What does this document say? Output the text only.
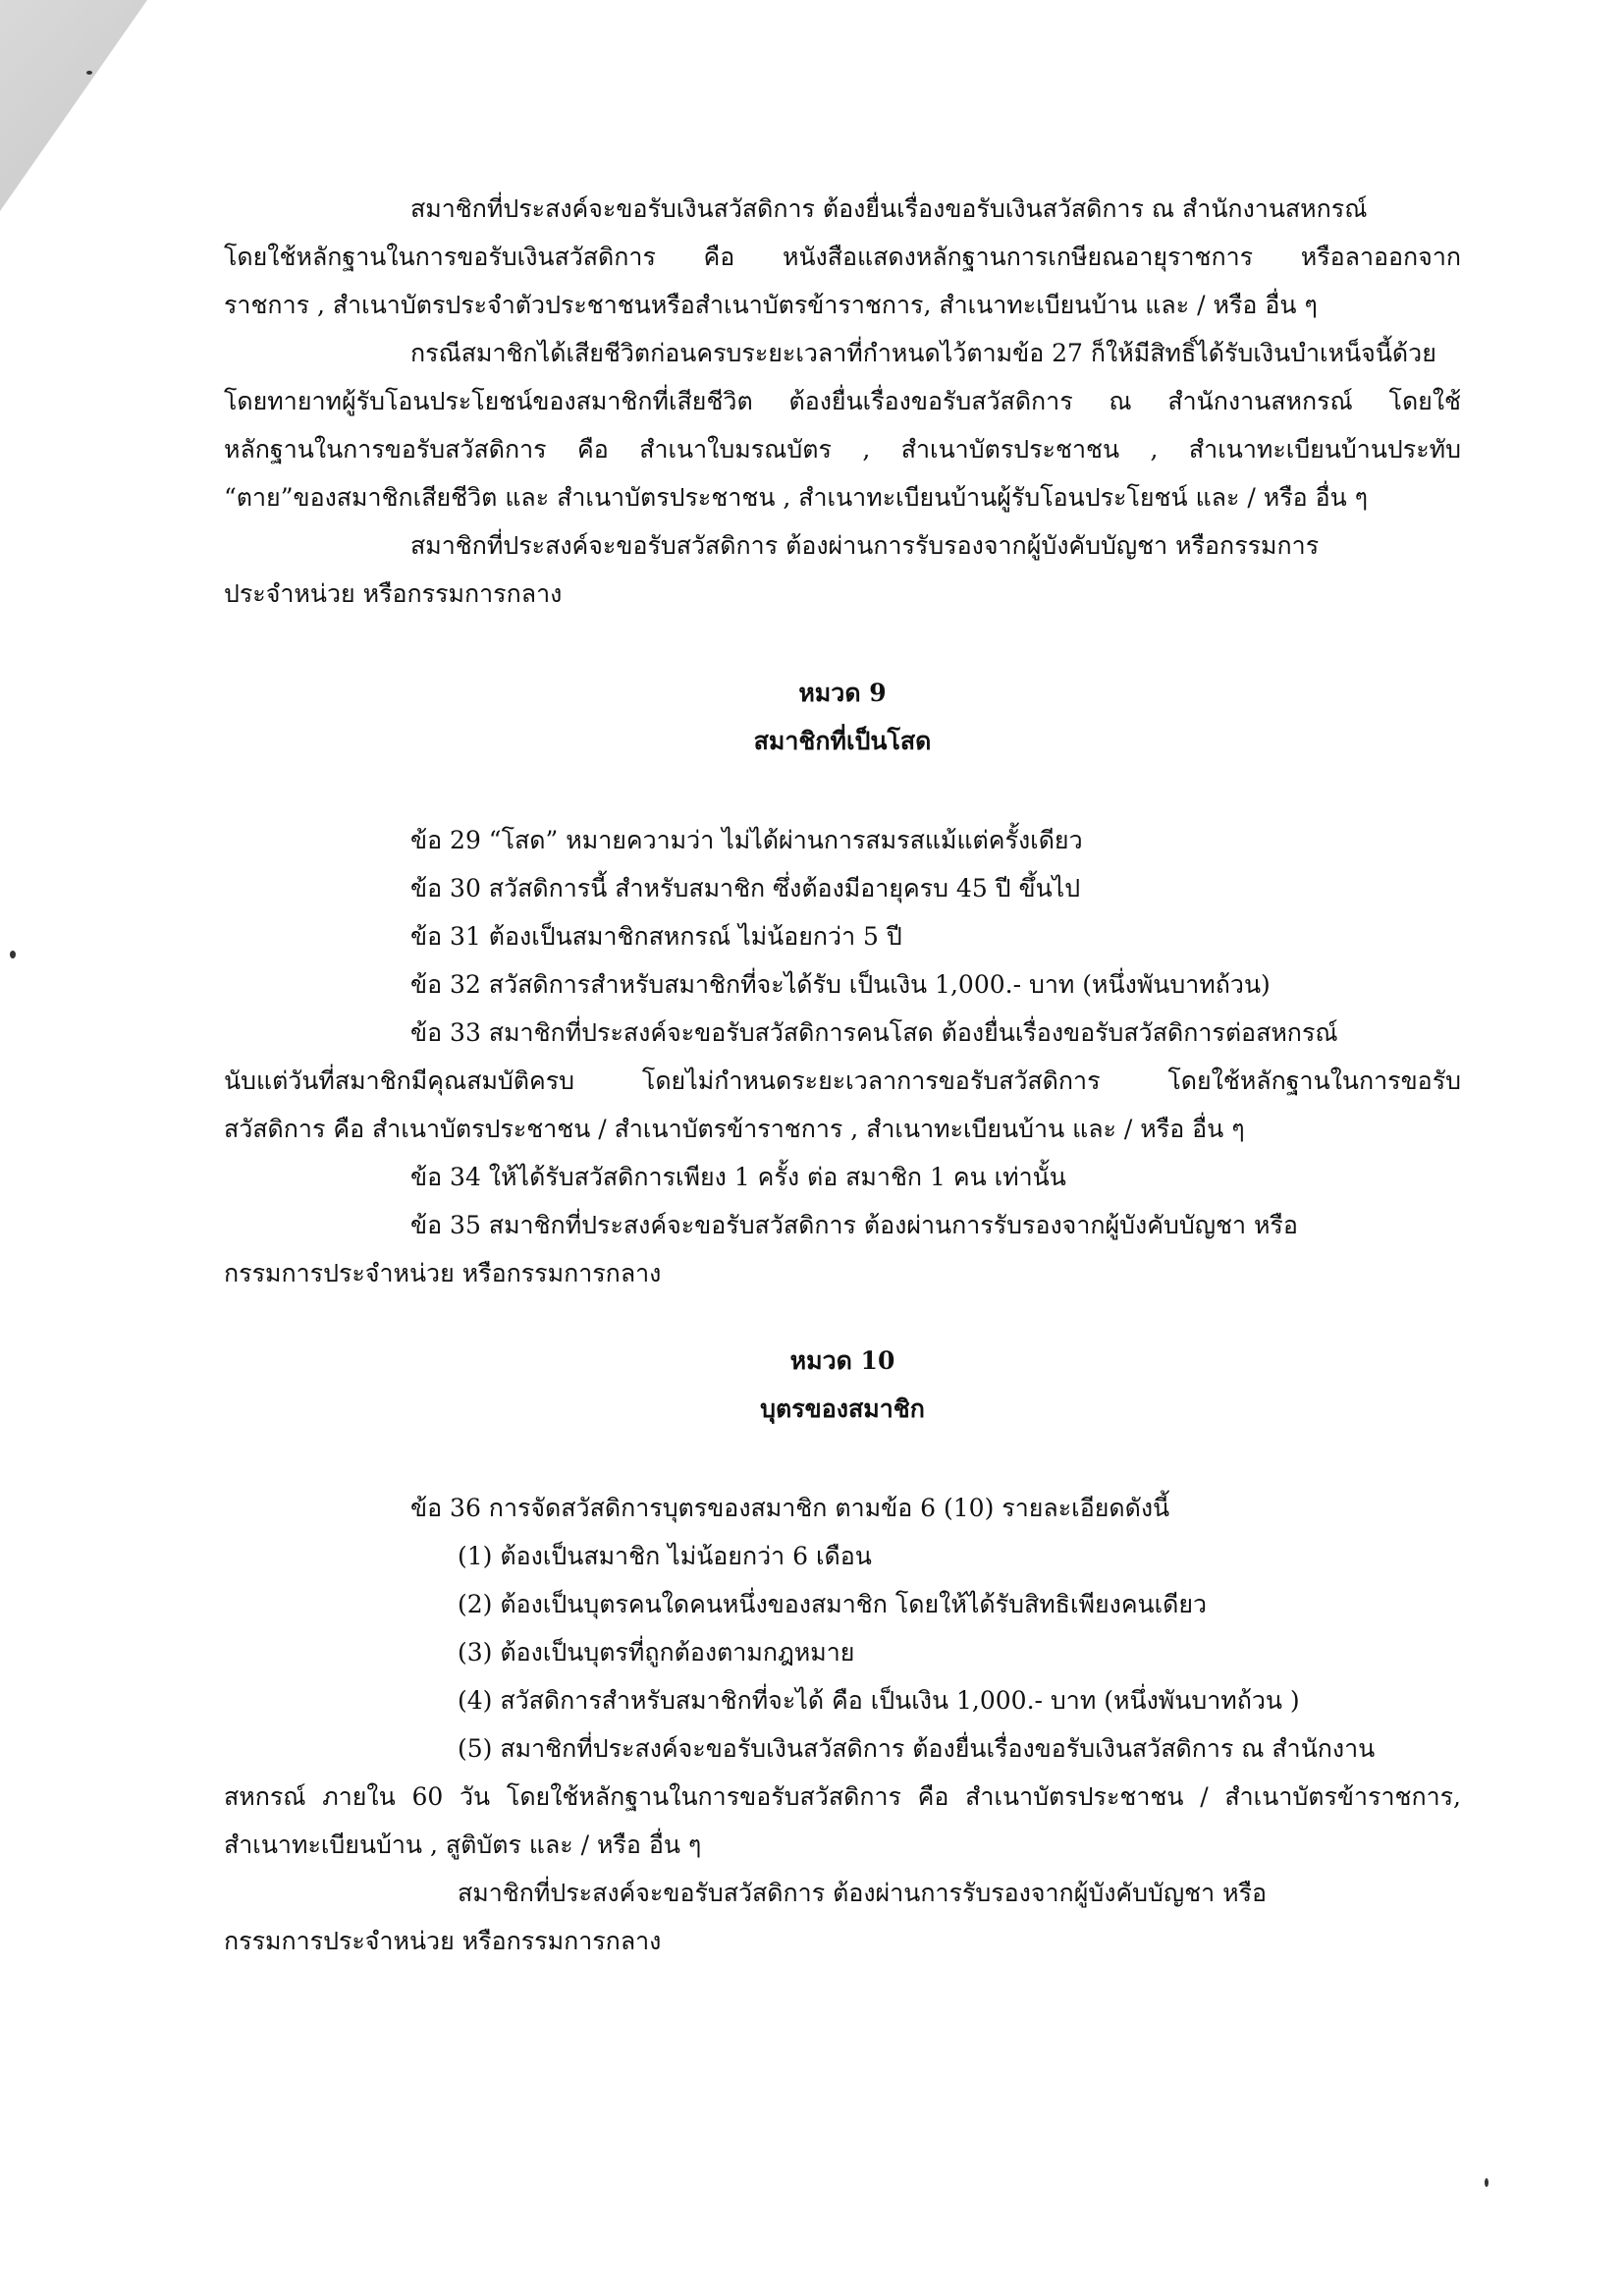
สมาชิกที่ประสงค์จะขอรับเงินสวัสดิการ ต้องยื่นเรื่องขอรับเงินสวัสดิการ ณ สำนักงานสหกรณ์

โดยใช้หลักฐานในการขอรับเงินสวัสดิการ คือ หนังสือแสดงหลักฐานการเกษียณอายุราชการ หรือลาออกจาก

ราชการ , สำเนาบัตรประจำตัวประชาชนหรือสำเนาบัตรข้าราชการ, สำเนาทะเบียนบ้าน และ / หรือ อื่น ๆ

กรณีสมาชิกได้เสียชีวิตก่อนครบระยะเวลาที่กำหนดไว้ตามข้อ 27 ก็ให้มีสิทธิ์ได้รับเงินบำเหน็จนี้ด้วย

โดยทายาทผู้รับโอนประโยชน์ของสมาชิกที่เสียชีวิต ต้องยื่นเรื่องขอรับสวัสดิการ ณ สำนักงานสหกรณ์ โดยใช้

หลักฐานในการขอรับสวัสดิการ คือ สำเนาใบมรณบัตร , สำเนาบัตรประชาชน , สำเนาทะเบียนบ้านประทับ

“ตาย”ของสมาชิกเสียชีวิต และ สำเนาบัตรประชาชน , สำเนาทะเบียนบ้านผู้รับโอนประโยชน์ และ / หรือ อื่น ๆ

สมาชิกที่ประสงค์จะขอรับสวัสดิการ ต้องผ่านการรับรองจากผู้บังคับบัญชา หรือกรรมการ

ประจำหน่วย หรือกรรมการกลาง

หมวด 9

สมาชิกที่เป็นโสด

ข้อ 29 “โสด” หมายความว่า ไม่ได้ผ่านการสมรสแม้แต่ครั้งเดียว

ข้อ 30 สวัสดิการนี้ สำหรับสมาชิก ซึ่งต้องมีอายุครบ 45 ปี ขึ้นไป

ข้อ 31 ต้องเป็นสมาชิกสหกรณ์ ไม่น้อยกว่า 5 ปี

ข้อ 32 สวัสดิการสำหรับสมาชิกที่จะได้รับ เป็นเงิน 1,000.- บาท (หนึ่งพันบาทถ้วน)

ข้อ 33 สมาชิกที่ประสงค์จะขอรับสวัสดิการคนโสด ต้องยื่นเรื่องขอรับสวัสดิการต่อสหกรณ์

นับแต่วันที่สมาชิกมีคุณสมบัติครบ โดยไม่กำหนดระยะเวลาการขอรับสวัสดิการ โดยใช้หลักฐานในการขอรับ

สวัสดิการ คือ สำเนาบัตรประชาชน / สำเนาบัตรข้าราชการ , สำเนาทะเบียนบ้าน และ / หรือ อื่น ๆ

ข้อ 34 ให้ได้รับสวัสดิการเพียง 1 ครั้ง ต่อ สมาชิก 1 คน เท่านั้น

ข้อ 35 สมาชิกที่ประสงค์จะขอรับสวัสดิการ ต้องผ่านการรับรองจากผู้บังคับบัญชา หรือ

กรรมการประจำหน่วย หรือกรรมการกลาง

หมวด 10

บุตรของสมาชิก

ข้อ 36 การจัดสวัสดิการบุตรของสมาชิก ตามข้อ 6 (10) รายละเอียดดังนี้

(1) ต้องเป็นสมาชิก ไม่น้อยกว่า 6 เดือน

(2) ต้องเป็นบุตรคนใดคนหนึ่งของสมาชิก โดยให้ได้รับสิทธิเพียงคนเดียว

(3) ต้องเป็นบุตรที่ถูกต้องตามกฎหมาย

(4) สวัสดิการสำหรับสมาชิกที่จะได้ คือ เป็นเงิน 1,000.- บาท (หนึ่งพันบาทถ้วน )

(5) สมาชิกที่ประสงค์จะขอรับเงินสวัสดิการ ต้องยื่นเรื่องขอรับเงินสวัสดิการ ณ สำนักงาน

สหกรณ์ ภายใน 60 วัน โดยใช้หลักฐานในการขอรับสวัสดิการ คือ สำเนาบัตรประชาชน / สำเนาบัตรข้าราชการ,

สำเนาทะเบียนบ้าน , สูติบัตร และ / หรือ อื่น ๆ

สมาชิกที่ประสงค์จะขอรับสวัสดิการ ต้องผ่านการรับรองจากผู้บังคับบัญชา หรือ

กรรมการประจำหน่วย หรือกรรมการกลาง
